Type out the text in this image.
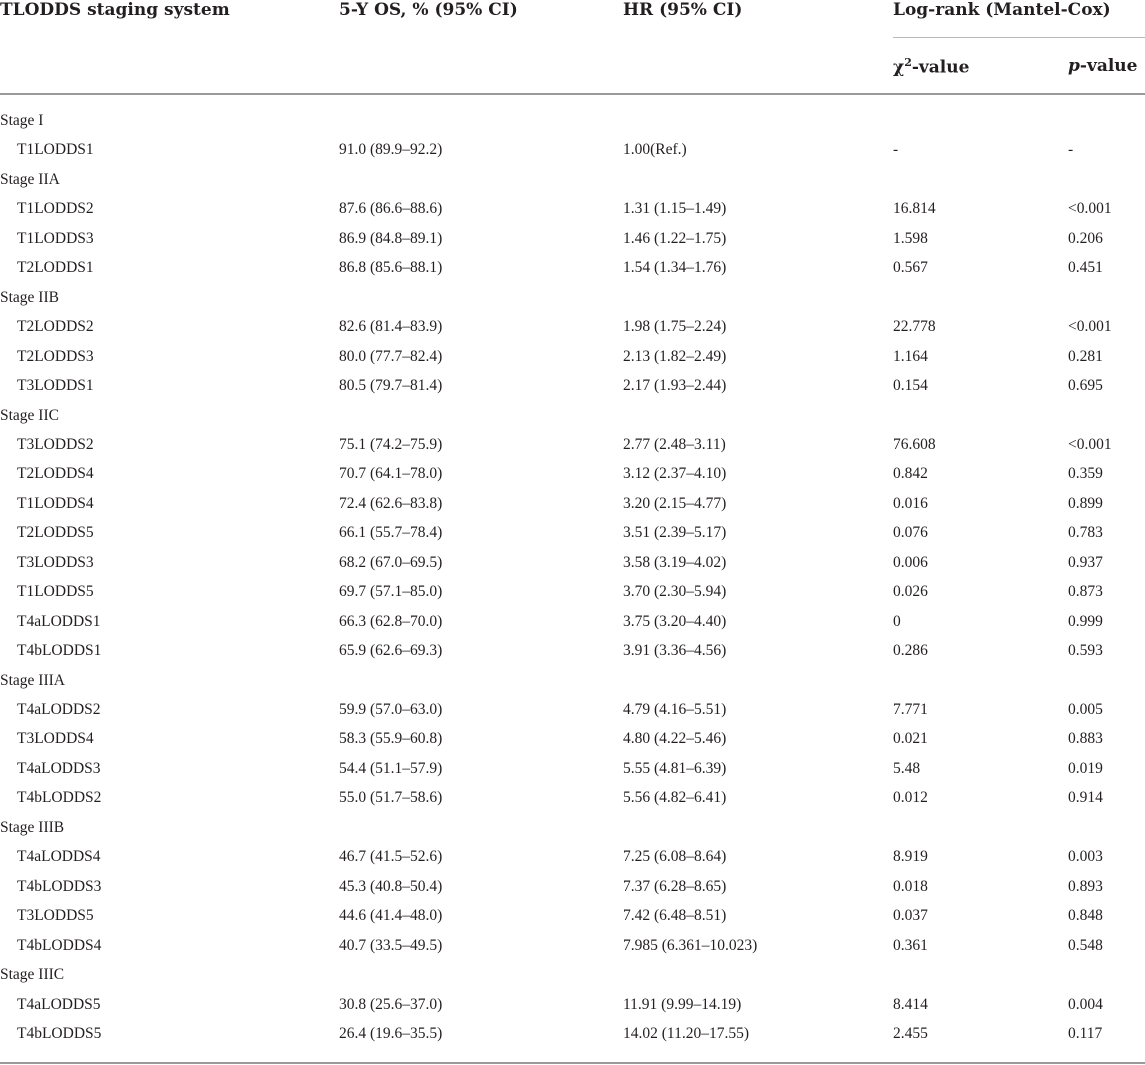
TLODDS staging system	5-Y OS, % (95% CI)	HR (95% CI)	Log-rank (Mantel-Cox)
$\chi^2$-value	p-value
Stage I
T1LODDS1	91.0 (89.9–92.2)	1.00(Ref.)	-	-
Stage IIA
T1LODDS2	87.6 (86.6–88.6)	1.31 (1.15–1.49)	16.814	<0.001
T1LODDS3	86.9 (84.8–89.1)	1.46 (1.22–1.75)	1.598	0.206
T2LODDS1	86.8 (85.6–88.1)	1.54 (1.34–1.76)	0.567	0.451
Stage IIB
T2LODDS2	82.6 (81.4–83.9)	1.98 (1.75–2.24)	22.778	<0.001
T2LODDS3	80.0 (77.7–82.4)	2.13 (1.82–2.49)	1.164	0.281
T3LODDS1	80.5 (79.7–81.4)	2.17 (1.93–2.44)	0.154	0.695
Stage IIC
T3LODDS2	75.1 (74.2–75.9)	2.77 (2.48–3.11)	76.608	<0.001
T2LODDS4	70.7 (64.1–78.0)	3.12 (2.37–4.10)	0.842	0.359
T1LODDS4	72.4 (62.6–83.8)	3.20 (2.15–4.77)	0.016	0.899
T2LODDS5	66.1 (55.7–78.4)	3.51 (2.39–5.17)	0.076	0.783
T3LODDS3	68.2 (67.0–69.5)	3.58 (3.19–4.02)	0.006	0.937
T1LODDS5	69.7 (57.1–85.0)	3.70 (2.30–5.94)	0.026	0.873
T4aLODDS1	66.3 (62.8–70.0)	3.75 (3.20–4.40)	0	0.999
T4bLODDS1	65.9 (62.6–69.3)	3.91 (3.36–4.56)	0.286	0.593
Stage IIIA
T4aLODDS2	59.9 (57.0–63.0)	4.79 (4.16–5.51)	7.771	0.005
T3LODDS4	58.3 (55.9–60.8)	4.80 (4.22–5.46)	0.021	0.883
T4aLODDS3	54.4 (51.1–57.9)	5.55 (4.81–6.39)	5.48	0.019
T4bLODDS2	55.0 (51.7–58.6)	5.56 (4.82–6.41)	0.012	0.914
Stage IIIB
T4aLODDS4	46.7 (41.5–52.6)	7.25 (6.08–8.64)	8.919	0.003
T4bLODDS3	45.3 (40.8–50.4)	7.37 (6.28–8.65)	0.018	0.893
T3LODDS5	44.6 (41.4–48.0)	7.42 (6.48–8.51)	0.037	0.848
T4bLODDS4	40.7 (33.5–49.5)	7.985 (6.361–10.023)	0.361	0.548
Stage IIIC
T4aLODDS5	30.8 (25.6–37.0)	11.91 (9.99–14.19)	8.414	0.004
T4bLODDS5	26.4 (19.6–35.5)	14.02 (11.20–17.55)	2.455	0.117
